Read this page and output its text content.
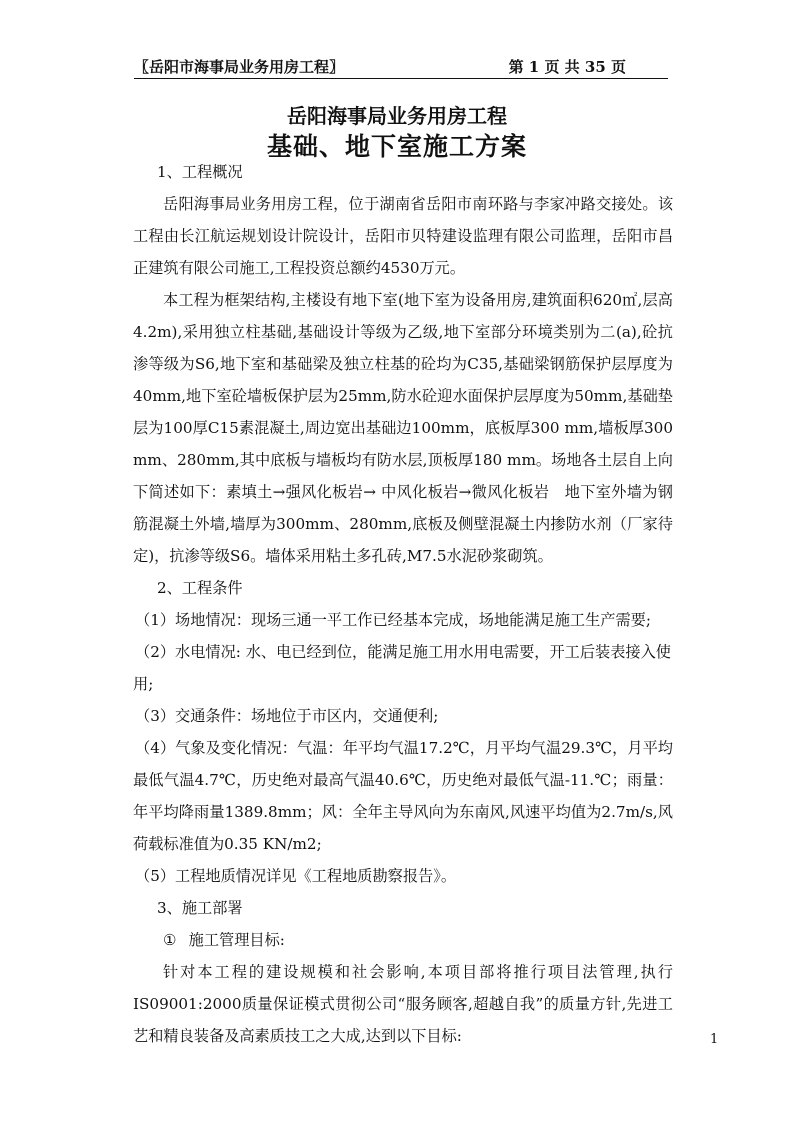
〖岳阳市海事局业务用房工程〗	第 1 页 共 35 页
岳阳海事局业务用房工程
基础、地下室施工方案

1、工程概况

岳阳海事局业务用房工程，位于湖南省岳阳市南环路与李家冲路交接处。该工程由长江航运规划设计院设计，岳阳市贝特建设监理有限公司监理，岳阳市昌正建筑有限公司施工,工程投资总额约4530万元。

本工程为框架结构,主楼设有地下室(地下室为设备用房,建筑面积620㎡,层高4.2m),采用独立柱基础,基础设计等级为乙级,地下室部分环境类别为二(a),砼抗渗等级为S6,地下室和基础梁及独立柱基的砼均为C35,基础梁钢筋保护层厚度为40mm,地下室砼墙板保护层为25mm,防水砼迎水面保护层厚度为50mm,基础垫层为100厚C15素混凝土,周边宽出基础边100mm，底板厚300 mm,墙板厚300 mm、280mm,其中底板与墙板均有防水层,顶板厚180 mm。场地各土层自上向下简述如下：素填土→强风化板岩→ 中风化板岩→微风化板岩　地下室外墙为钢筋混凝土外墙,墙厚为300mm、280mm,底板及侧壁混凝土内掺防水剂（厂家待定)，抗渗等级S6。墙体采用粘土多孔砖,M7.5水泥砂浆砌筑。

2、工程条件

（1）场地情况：现场三通一平工作已经基本完成，场地能满足施工生产需要;

（2）水电情况: 水、电已经到位，能满足施工用水用电需要，开工后装表接入使用;

（3）交通条件：场地位于市区内，交通便利;

（4）气象及变化情况：气温：年平均气温17.2℃，月平均气温29.3℃，月平均最低气温4.7℃，历史绝对最高气温40.6℃，历史绝对最低气温-11.℃；雨量：年平均降雨量1389.8mm；风：全年主导风向为东南风,风速平均值为2.7m/s,风荷载标准值为0.35 KN/m2;

（5）工程地质情况详见《工程地质勘察报告》。

3、施工部署

① 施工管理目标:

针对本工程的建设规模和社会影响,本项目部将推行项目法管理,执行IS09001:2000质量保证模式贯彻公司“服务顾客,超越自我”的质量方针,先进工艺和精良装备及高素质技工之大成,达到以下目标:	1
